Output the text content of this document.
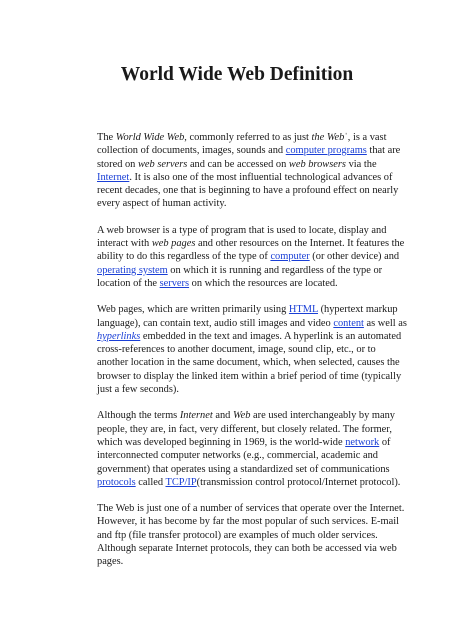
World Wide Web Definition

The World Wide Web, commonly referred to as just the Webˈ, is a vast collection of documents, images, sounds and computer programs that are stored on web servers and can be accessed on web browsers via the Internet. It is also one of the most influential technological advances of recent decades, one that is beginning to have a profound effect on nearly every aspect of human activity.

A web browser is a type of program that is used to locate, display and interact with web pages and other resources on the Internet. It features the ability to do this regardless of the type of computer (or other device) and operating system on which it is running and regardless of the type or location of the servers on which the resources are located.

Web pages, which are written primarily using HTML (hypertext markup language), can contain text, audio still images and video content as well as hyperlinks embedded in the text and images. A hyperlink is an automated cross-references to another document, image, sound clip, etc., or to another location in the same document, which, when selected, causes the browser to display the linked item within a brief period of time (typically just a few seconds).

Although the terms Internet and Web are used interchangeably by many people, they are, in fact, very different, but closely related. The former, which was developed beginning in 1969, is the world-wide network of interconnected computer networks (e.g., commercial, academic and government) that operates using a standardized set of communications protocols called TCP/IP(transmission control protocol/Internet protocol).

The Web is just one of a number of services that operate over the Internet. However, it has become by far the most popular of such services. E-mail and ftp (file transfer protocol) are examples of much older services. Although separate Internet protocols, they can both be accessed via web pages.
